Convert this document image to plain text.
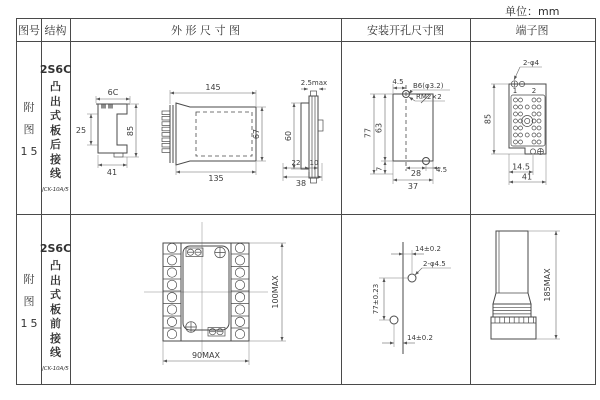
单位：mm
图号 结构	外 形 尺 寸 图	安装开孔尺寸图	端子图
附图
15
2S6C
凸出式板后接线
JCK-10A/5
6C
25	85
41
145
135
67
2.5max
60
22 10
38
4.5 B6(φ3.2)
RM2×2
77 63
7	28 4.5
37
1 2
2-φ4
85
14.5
41
附图
15
2S6C
凸出式板前接线
JCK-10A/5
90MAX
100MAX
14±0.2
2-φ4.5
77±0.23
14±0.2
185MAX
